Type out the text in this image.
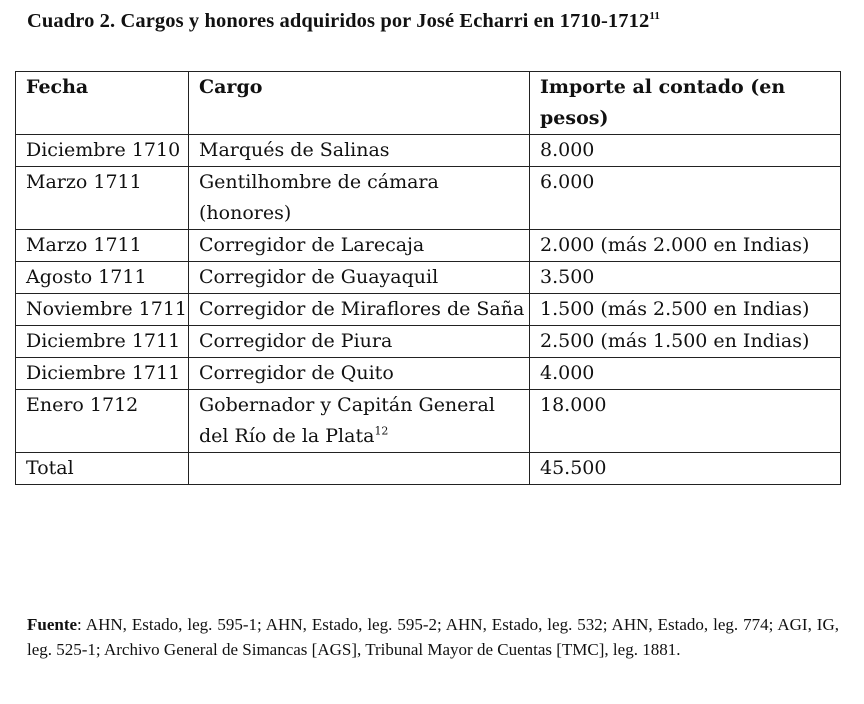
Cuadro 2. Cargos y honores adquiridos por José Echarri en 1710-1712$^{11}$
Fecha	Cargo	Importe al contado (en pesos)
Diciembre 1710	Marqués de Salinas	8.000
Marzo 1711	Gentilhombre de cámara (honores)	6.000
Marzo 1711	Corregidor de Larecaja	2.000 (más 2.000 en Indias)
Agosto 1711	Corregidor de Guayaquil	3.500
Noviembre 1711	Corregidor de Miraflores de Saña	1.500 (más 2.500 en Indias)
Diciembre 1711	Corregidor de Piura	2.500 (más 1.500 en Indias)
Diciembre 1711	Corregidor de Quito	4.000
Enero 1712	Gobernador y Capitán General del Río de la Plata$^{12}$	18.000
Total		45.500
Fuente: AHN, Estado, leg. 595-1; AHN, Estado, leg. 595-2; AHN, Estado, leg. 532; AHN, Estado, leg. 774; AGI, IG, leg. 525-1; Archivo General de Simancas [AGS], Tribunal Mayor de Cuentas [TMC], leg. 1881.
